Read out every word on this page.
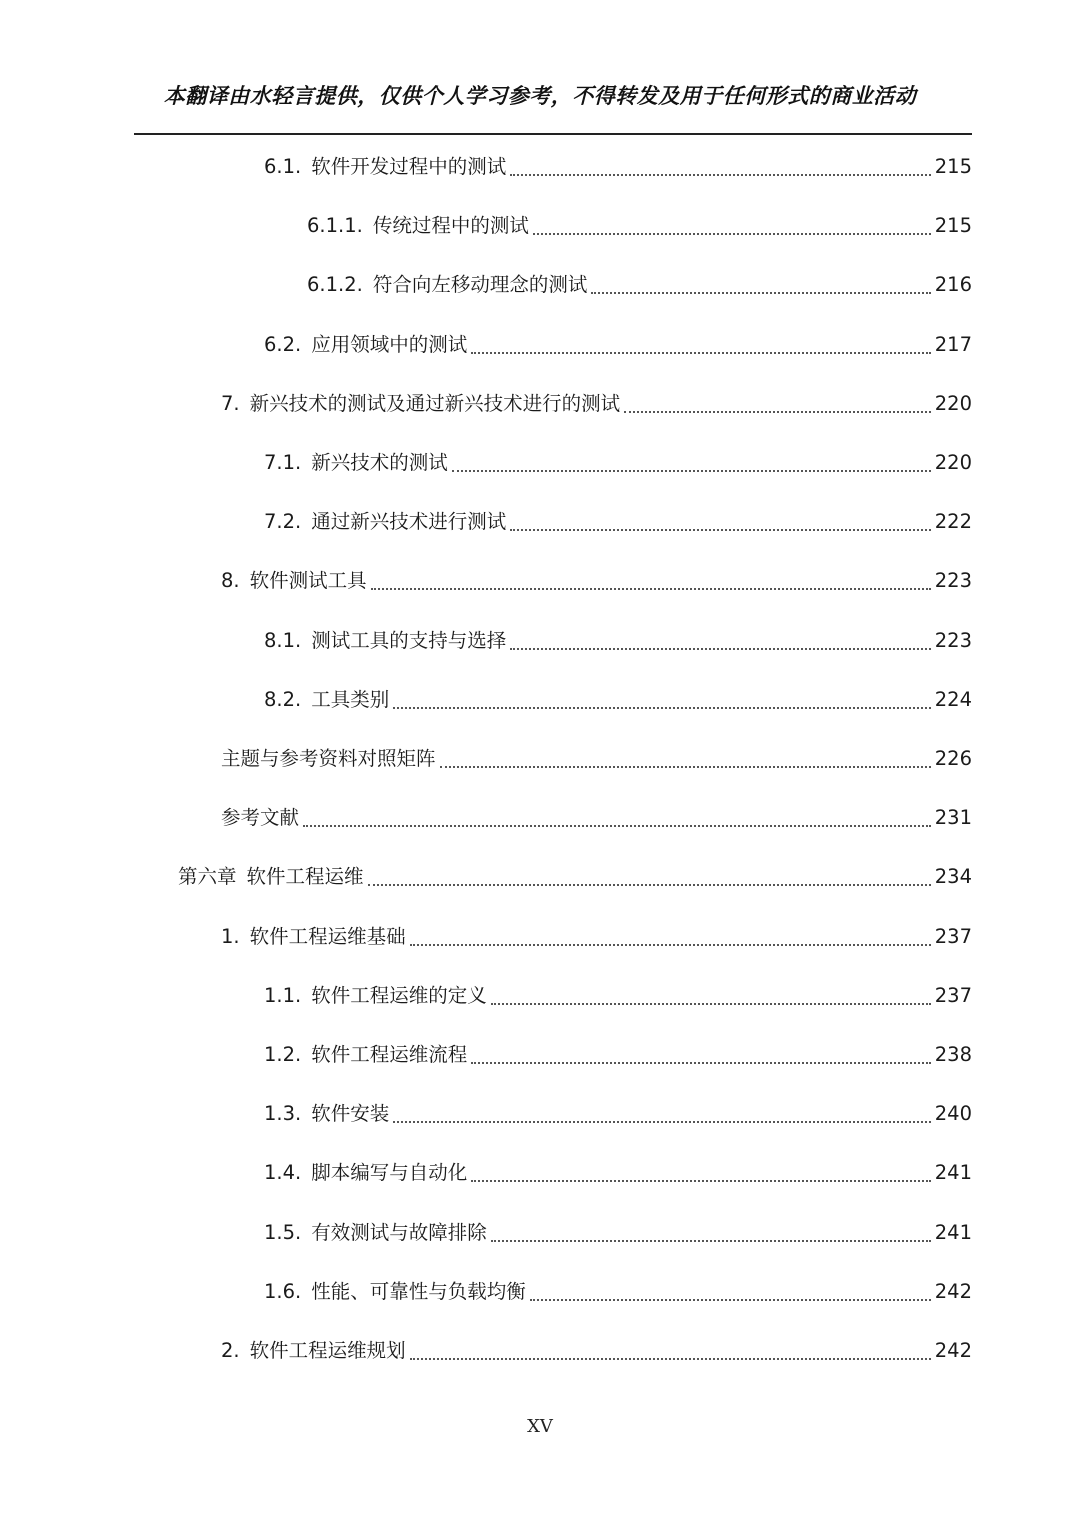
本翻译由水轻言提供，仅供个人学习参考，不得转发及用于任何形式的商业活动
6.1. 软件开发过程中的测试	215
6.1.1. 传统过程中的测试	215
6.1.2. 符合向左移动理念的测试	216
6.2. 应用领域中的测试	217
7. 新兴技术的测试及通过新兴技术进行的测试	220
7.1. 新兴技术的测试	220
7.2. 通过新兴技术进行测试	222
8. 软件测试工具	223
8.1. 测试工具的支持与选择	223
8.2. 工具类别	224
主题与参考资料对照矩阵	226
参考文献	231
第六章 软件工程运维	234
1. 软件工程运维基础	237
1.1. 软件工程运维的定义	237
1.2. 软件工程运维流程	238
1.3. 软件安装	240
1.4. 脚本编写与自动化	241
1.5. 有效测试与故障排除	241
1.6. 性能、可靠性与负载均衡	242
2. 软件工程运维规划	242
XV
